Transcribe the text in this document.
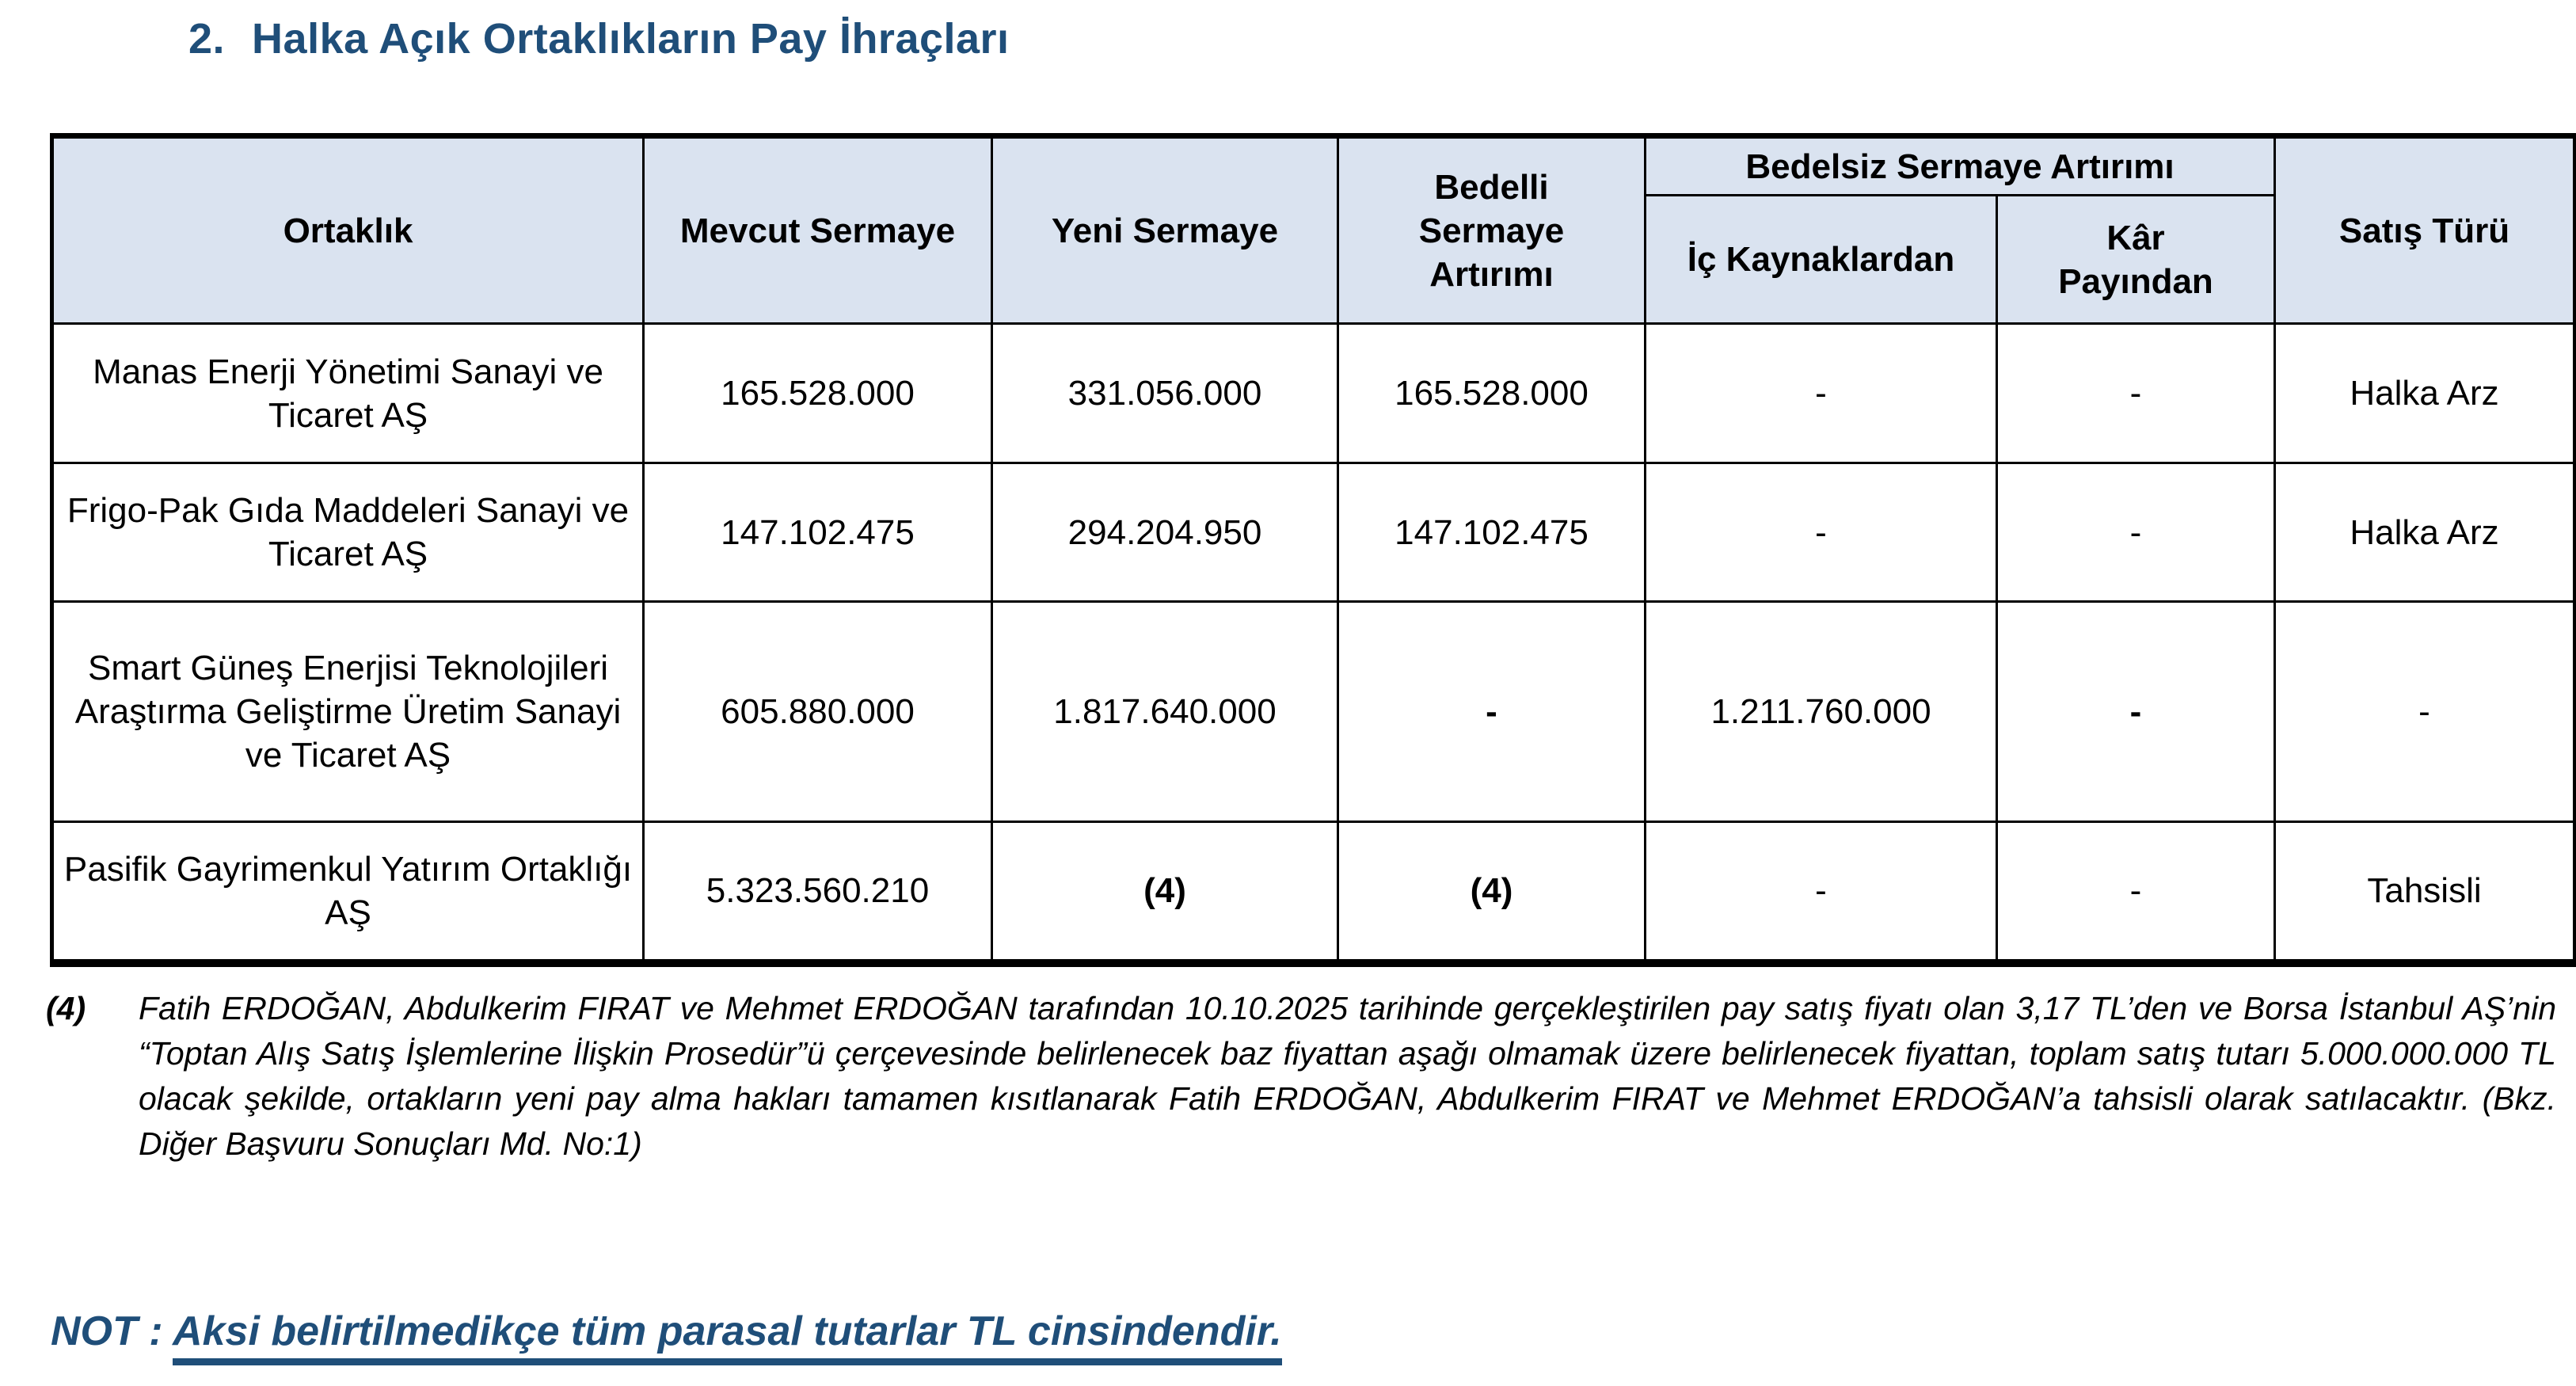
2. Halka Açık Ortaklıkların Pay İhraçları
Ortaklık	Mevcut Sermaye	Yeni Sermaye	Bedelli Sermaye Artırımı	Bedelsiz Sermaye Artırımı		Satış Türü
				İç Kaynaklardan	Kâr Payından	
Manas Enerji Yönetimi Sanayi ve Ticaret AŞ	165.528.000	331.056.000	165.528.000	-	-	Halka Arz
Frigo-Pak Gıda Maddeleri Sanayi ve Ticaret AŞ	147.102.475	294.204.950	147.102.475	-	-	Halka Arz
Smart Güneş Enerjisi Teknolojileri Araştırma Geliştirme Üretim Sanayi ve Ticaret AŞ	605.880.000	1.817.640.000	-	1.211.760.000	-	-
Pasifik Gayrimenkul Yatırım Ortaklığı AŞ	5.323.560.210	(4)	(4)	-	-	Tahsisli
(4)	Fatih ERDOĞAN, Abdulkerim FIRAT ve Mehmet ERDOĞAN tarafından 10.10.2025 tarihinde gerçekleştirilen pay satış fiyatı olan 3,17 TL’den ve Borsa İstanbul AŞ’nin “Toptan Alış Satış İşlemlerine İlişkin Prosedür”ü çerçevesinde belirlenecek baz fiyattan aşağı olmamak üzere belirlenecek fiyattan, toplam satış tutarı 5.000.000.000 TL olacak şekilde, ortakların yeni pay alma hakları tamamen kısıtlanarak Fatih ERDOĞAN, Abdulkerim FIRAT ve Mehmet ERDOĞAN’a tahsisli olarak satılacaktır. (Bkz. Diğer Başvuru Sonuçları Md. No:1)
NOT : Aksi belirtilmedikçe tüm parasal tutarlar TL cinsindendir.
